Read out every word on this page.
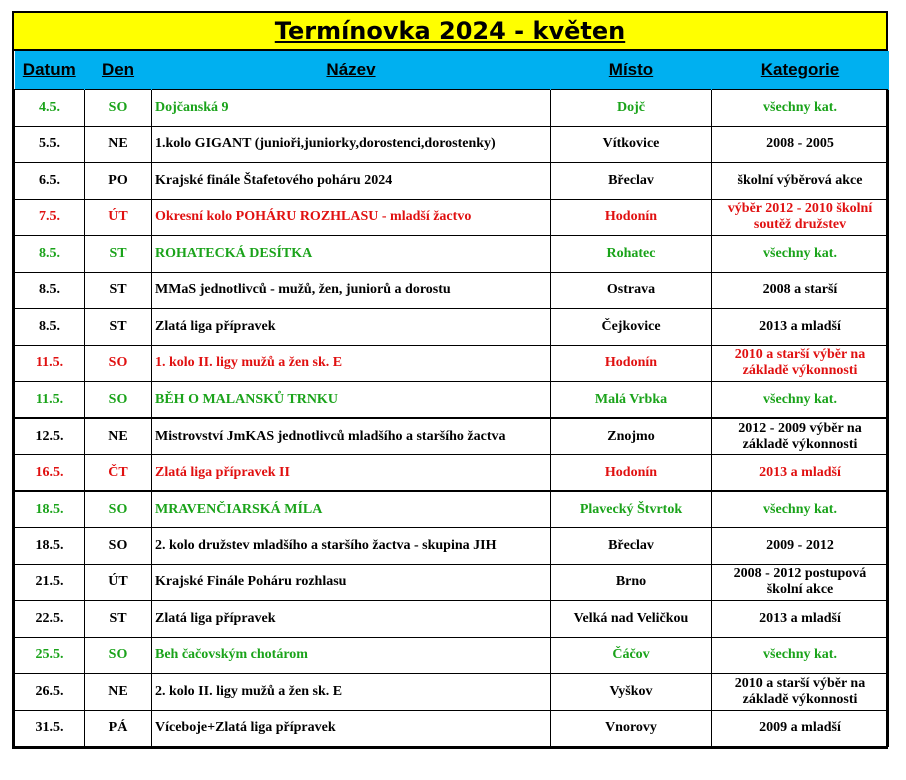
Termínovka 2024 - květen
Datum	Den	Název	Místo	Kategorie
4.5.	SO	Dojčanská 9	Dojč	všechny kat.
5.5.	NE	1.kolo GIGANT (junioři,juniorky,dorostenci,dorostenky)	Vítkovice	2008 - 2005
6.5.	PO	Krajské finále Štafetového poháru 2024	Břeclav	školní výběrová akce
7.5.	ÚT	Okresní kolo POHÁRU ROZHLASU - mladší žactvo	Hodonín	výběr 2012 - 2010 školní soutěž družstev
8.5.	ST	ROHATECKÁ DESÍTKA	Rohatec	všechny kat.
8.5.	ST	MMaS jednotlivců - mužů, žen, juniorů a dorostu	Ostrava	2008 a starší
8.5.	ST	Zlatá liga přípravek	Čejkovice	2013 a mladší
11.5.	SO	1. kolo II. ligy mužů a žen sk. E	Hodonín	2010 a starší výběr na základě výkonnosti
11.5.	SO	BĚH O MALANSKŮ TRNKU	Malá Vrbka	všechny kat.
12.5.	NE	Mistrovství JmKAS jednotlivců mladšího a staršího žactva	Znojmo	2012 - 2009 výběr na základě výkonnosti
16.5.	ČT	Zlatá liga přípravek II	Hodonín	2013 a mladší
18.5.	SO	MRAVENČIARSKÁ MÍLA	Plavecký Štvrtok	všechny kat.
18.5.	SO	2. kolo družstev mladšího a staršího žactva - skupina JIH	Břeclav	2009 - 2012
21.5.	ÚT	Krajské Finále Poháru rozhlasu	Brno	2008 - 2012 postupová školní akce
22.5.	ST	Zlatá liga přípravek	Velká nad Veličkou	2013 a mladší
25.5.	SO	Beh čačovským chotárom	Čáčov	všechny kat.
26.5.	NE	2. kolo II. ligy mužů a žen sk. E	Vyškov	2010 a starší výběr na základě výkonnosti
31.5.	PÁ	Víceboje+Zlatá liga přípravek	Vnorovy	2009 a mladší
